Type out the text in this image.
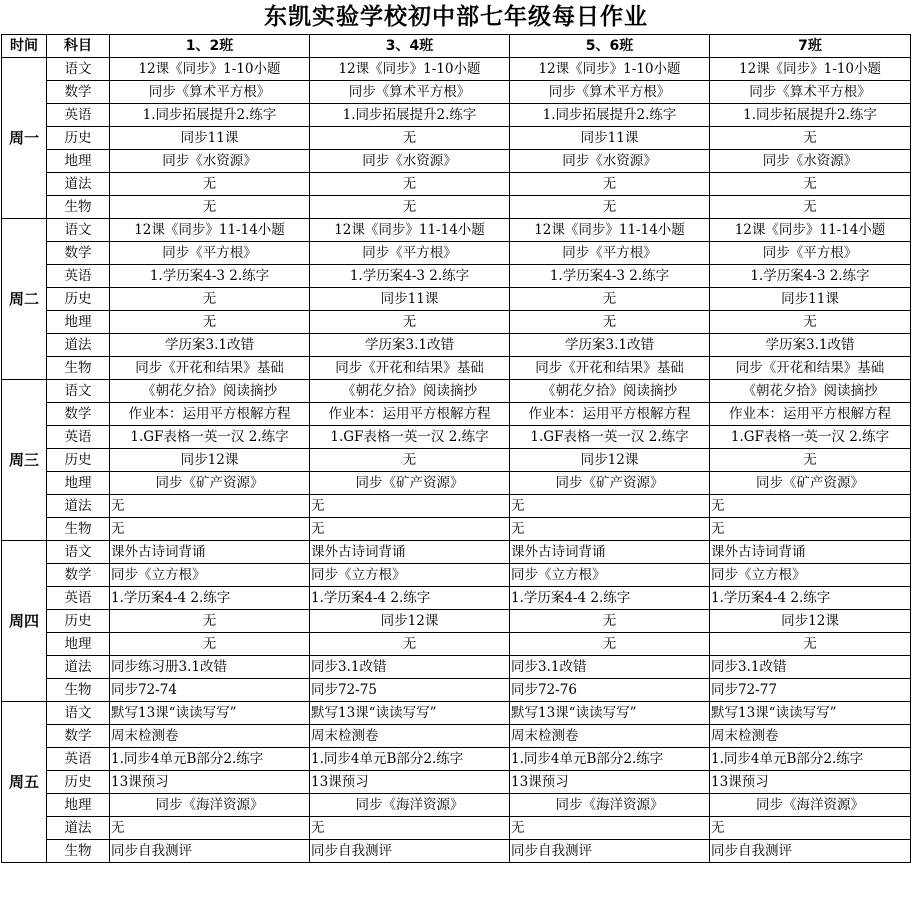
东凯实验学校初中部七年级每日作业
时间	科目	1、2班	3、4班	5、6班	7班
周一	语文	12课《同步》1-10小题	12课《同步》1-10小题	12课《同步》1-10小题	12课《同步》1-10小题
	数学	同步《算术平方根》	同步《算术平方根》	同步《算术平方根》	同步《算术平方根》
	英语	1.同步拓展提升2.练字	1.同步拓展提升2.练字	1.同步拓展提升2.练字	1.同步拓展提升2.练字
	历史	同步11课	无	同步11课	无
	地理	同步《水资源》	同步《水资源》	同步《水资源》	同步《水资源》
	道法	无	无	无	无
	生物	无	无	无	无
周二	语文	12课《同步》11-14小题	12课《同步》11-14小题	12课《同步》11-14小题	12课《同步》11-14小题
	数学	同步《平方根》	同步《平方根》	同步《平方根》	同步《平方根》
	英语	1.学历案4-3 2.练字	1.学历案4-3 2.练字	1.学历案4-3 2.练字	1.学历案4-3 2.练字
	历史	无	同步11课	无	同步11课
	地理	无	无	无	无
	道法	学历案3.1改错	学历案3.1改错	学历案3.1改错	学历案3.1改错
	生物	同步《开花和结果》基础	同步《开花和结果》基础	同步《开花和结果》基础	同步《开花和结果》基础
周三	语文	《朝花夕拾》阅读摘抄	《朝花夕拾》阅读摘抄	《朝花夕拾》阅读摘抄	《朝花夕拾》阅读摘抄
	数学	作业本：运用平方根解方程	作业本：运用平方根解方程	作业本：运用平方根解方程	作业本：运用平方根解方程
	英语	1.GF表格一英一汉 2.练字	1.GF表格一英一汉 2.练字	1.GF表格一英一汉 2.练字	1.GF表格一英一汉 2.练字
	历史	同步12课	无	同步12课	无
	地理	同步《矿产资源》	同步《矿产资源》	同步《矿产资源》	同步《矿产资源》
	道法	无	无	无	无
	生物	无	无	无	无
周四	语文	课外古诗词背诵	课外古诗词背诵	课外古诗词背诵	课外古诗词背诵
	数学	同步《立方根》	同步《立方根》	同步《立方根》	同步《立方根》
	英语	1.学历案4-4 2.练字	1.学历案4-4 2.练字	1.学历案4-4 2.练字	1.学历案4-4 2.练字
	历史	无	同步12课	无	同步12课
	地理	无	无	无	无
	道法	同步练习册3.1改错	同步3.1改错	同步3.1改错	同步3.1改错
	生物	同步72-74	同步72-75	同步72-76	同步72-77
周五	语文	默写13课“读读写写”	默写13课“读读写写”	默写13课“读读写写”	默写13课“读读写写”
	数学	周末检测卷	周末检测卷	周末检测卷	周末检测卷
	英语	1.同步4单元B部分2.练字	1.同步4单元B部分2.练字	1.同步4单元B部分2.练字	1.同步4单元B部分2.练字
	历史	13课预习	13课预习	13课预习	13课预习
	地理	同步《海洋资源》	同步《海洋资源》	同步《海洋资源》	同步《海洋资源》
	道法	无	无	无	无
	生物	同步自我测评	同步自我测评	同步自我测评	同步自我测评
